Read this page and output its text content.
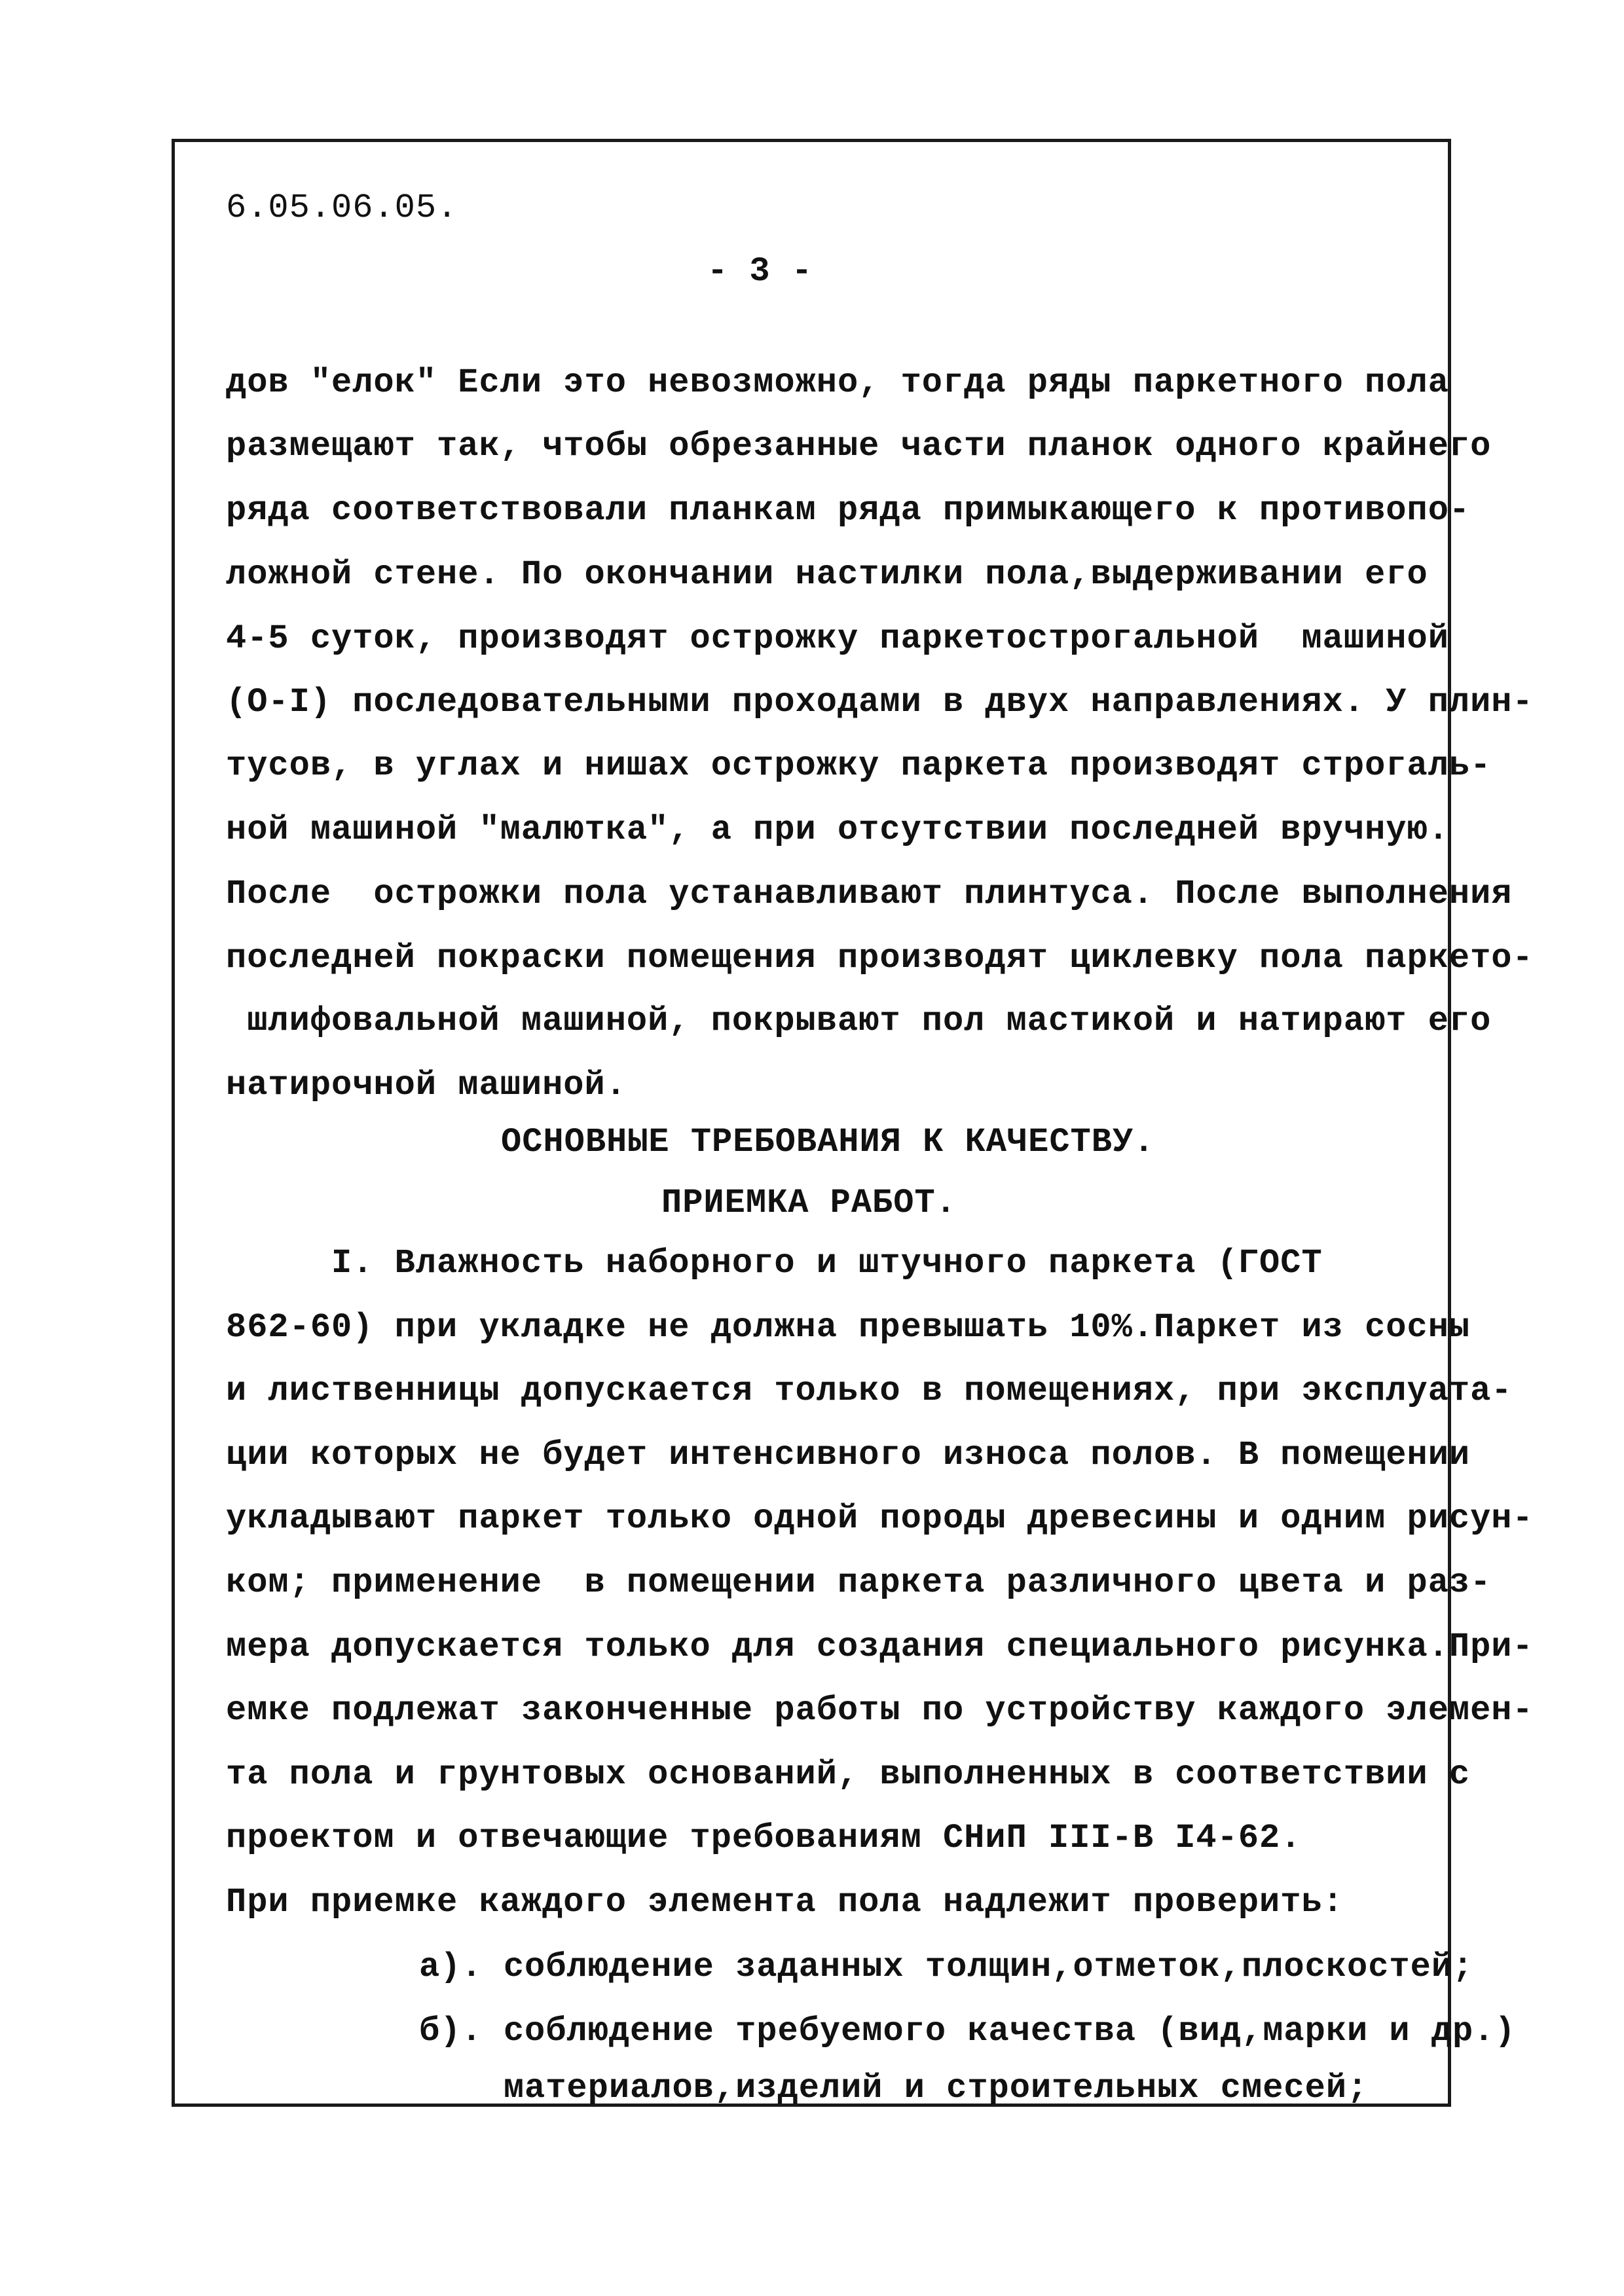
6.05.06.05.
- 3 -
дов "елок" Если это невозможно, тогда ряды паркетного пола
размещают так, чтобы обрезанные части планок одного крайнего
ряда соответствовали планкам ряда примыкающего к противопо-
ложной стене. По окончании настилки пола,выдерживании его
4-5 суток, производят острожку паркетострогальной  машиной
(О-I) последовательными проходами в двух направлениях. У плин-
тусов, в углах и нишах острожку паркета производят строгаль-
ной машиной "малютка", а при отсутствии последней вручную.
После  острожки пола устанавливают плинтуса. После выполнения
последней покраски помещения производят циклевку пола паркето-
шлифовальной машиной, покрывают пол мастикой и натирают его
натирочной машиной.
ОСНОВНЫЕ ТРЕБОВАНИЯ К КАЧЕСТВУ.
ПРИЕМКА РАБОТ.
I. Влажность наборного и штучного паркета (ГОСТ
862-60) при укладке не должна превышать 10%.Паркет из сосны
и лиственницы допускается только в помещениях, при эксплуата-
ции которых не будет интенсивного износа полов. В помещении
укладывают паркет только одной породы древесины и одним рисун-
ком; применение  в помещении паркета различного цвета и раз-
мера допускается только для создания специального рисунка.При-
емке подлежат законченные работы по устройству каждого элемен-
та пола и грунтовых оснований, выполненных в соответствии с
проектом и отвечающие требованиям СНиП III-В I4-62.
При приемке каждого элемента пола надлежит проверить:
а). соблюдение заданных толщин,отметок,плоскостей;
б). соблюдение требуемого качества (вид,марки и др.)
материалов,изделий и строительных смесей;
